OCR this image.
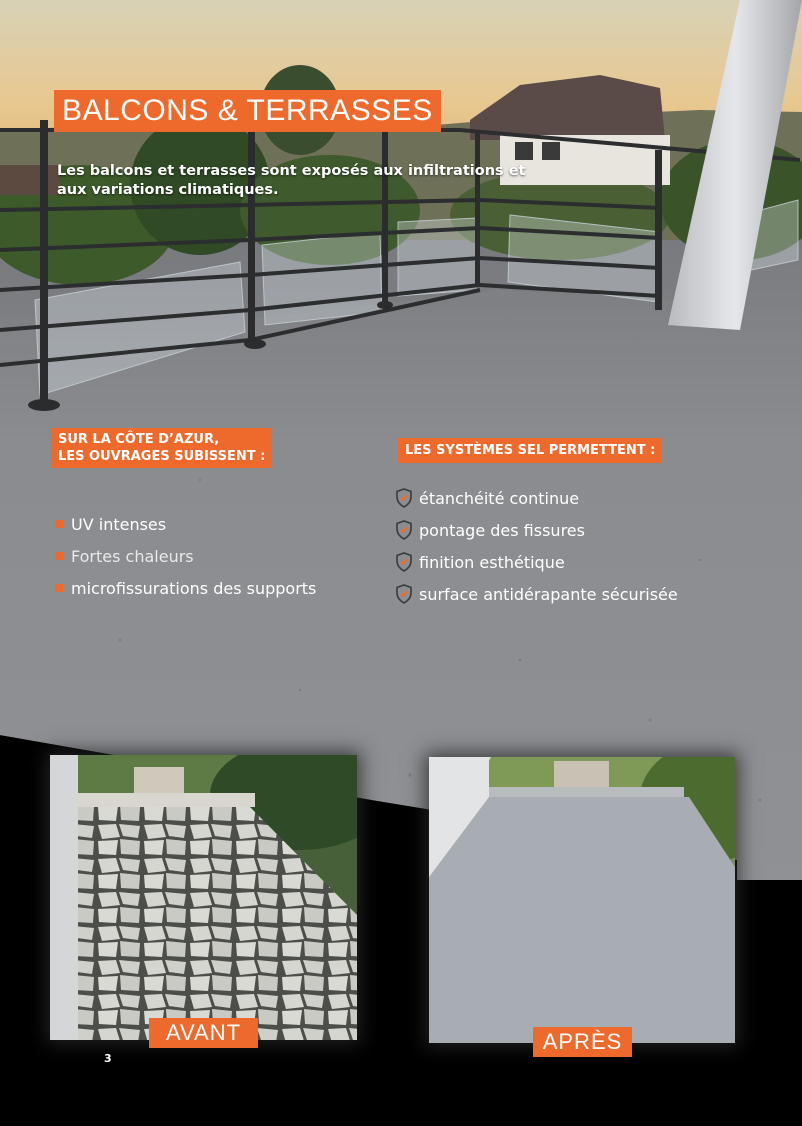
BALCONS & TERRASSES

Les balcons et terrasses sont exposés aux infiltrations et aux variations climatiques.

SUR LA CÔTE D’AZUR,
LES OUVRAGES SUBISSENT :
UV intenses
Fortes chaleurs
microfissurations des supports
LES SYSTÈMES SEL PERMETTENT :
étanchéité continue
pontage des fissures
finition esthétique
surface antidérapante sécurisée
AVANT	APRÈS
3
